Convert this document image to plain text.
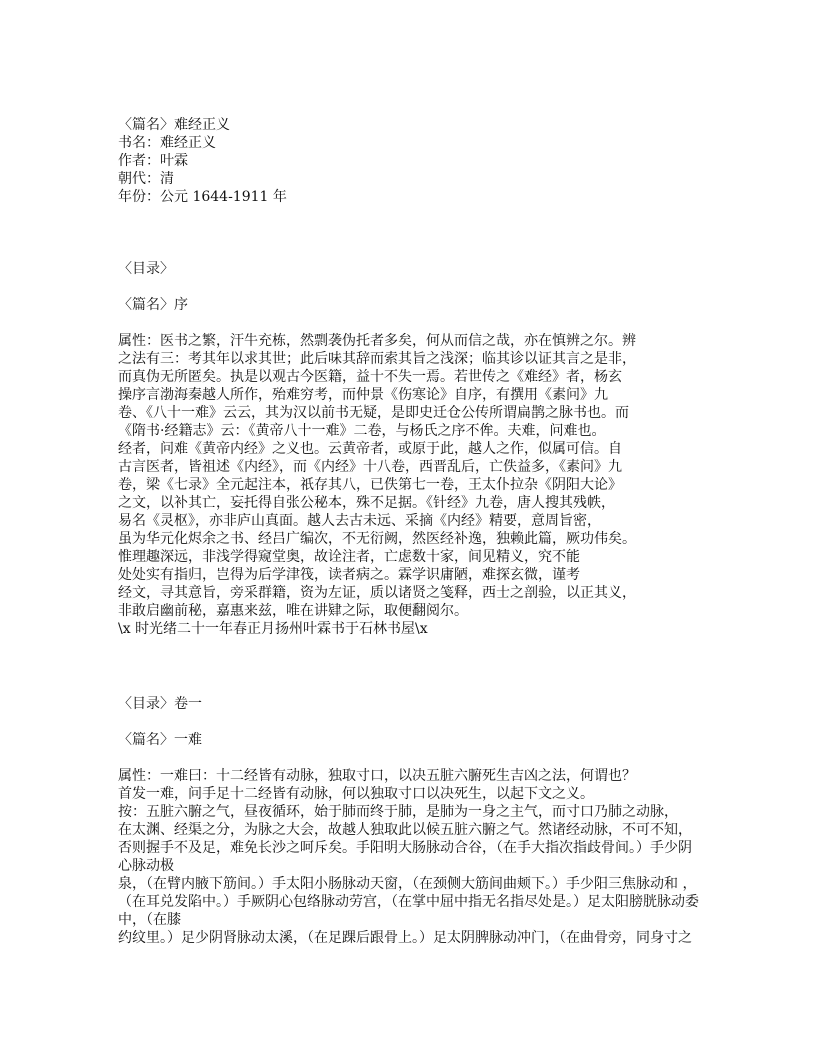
〈篇名〉难经正义
书名：难经正义
作者：叶霖
朝代：清
年份：公元 1644-1911 年
〈目录〉
〈篇名〉序
属性：医书之繁，汗牛充栋，然剽袭伪托者多矣，何从而信之哉，亦在慎辨之尔。辨
之法有三：考其年以求其世；此后味其辞而索其旨之浅深；临其诊以证其言之是非，
而真伪无所匿矣。执是以观古今医籍，益十不失一焉。若世传之《难经》者，杨玄
操序言渤海秦越人所作，殆难穷考，而仲景《伤寒论》自序，有撰用《素问》九
卷、《八十一难》云云，其为汉以前书无疑，是即史迁仓公传所谓扁鹊之脉书也。而
《隋书·经籍志》云：《黄帝八十一难》二卷，与杨氏之序不侔。夫难，问难也。
经者，问难《黄帝内经》之义也。云黄帝者，或原于此，越人之作，似属可信。自
古言医者，皆祖述《内经》，而《内经》十八卷，西晋乱后，亡佚益多，《素问》九
卷，梁《七录》全元起注本，祇存其八，已佚第七一卷，王太仆拉杂《阴阳大论》
之文，以补其亡，妄托得自张公秘本，殊不足据。《针经》九卷，唐人搜其残帙，
易名《灵枢》，亦非庐山真面。越人去古未远、采摘《内经》精要，意周旨密，
虽为华元化烬余之书、经吕广编次，不无衍阙，然医经补逸，独赖此篇，厥功伟矣。
惟理趣深远，非浅学得窥堂奥，故诠注者，亡虑数十家，间见精义，究不能
处处实有指归，岂得为后学津筏，读者病之。霖学识庸陋，难探玄微，谨考
经文，寻其意旨，旁采群籍，资为左证，质以诸贤之笺释，西士之剖验，以正其义，
非敢启幽前秘，嘉惠来兹，唯在讲肄之际，取便翻阅尔。
\x 时光绪二十一年春正月扬州叶霖书于石林书屋\x
〈目录〉卷一
〈篇名〉一难
属性：一难曰：十二经皆有动脉，独取寸口，以决五脏六腑死生吉凶之法，何谓也？
首发一难，问手足十二经皆有动脉，何以独取寸口以决死生，以起下文之义。
按：五脏六腑之气，昼夜循环，始于肺而终于肺，是肺为一身之主气，而寸口乃肺之动脉，
在太渊、经渠之分，为脉之大会，故越人独取此以候五脏六腑之气。然诸经动脉，不可不知，
否则握手不及足，难免长沙之呵斥矣。手阳明大肠脉动合谷，（在手大指次指歧骨间。）手少阴
心脉动极
泉，（在臂内腋下筋间。）手太阳小肠脉动天窗，（在颈侧大筋间曲颊下。）手少阳三焦脉动和 ，
（在耳兑发陷中。）手厥阴心包络脉动劳宫，（在掌中屈中指无名指尽处是。）足太阳膀胱脉动委
中，（在膝
约纹里。）足少阴肾脉动太溪，（在足踝后跟骨上。）足太阴脾脉动冲门，（在曲骨旁，同身寸之
